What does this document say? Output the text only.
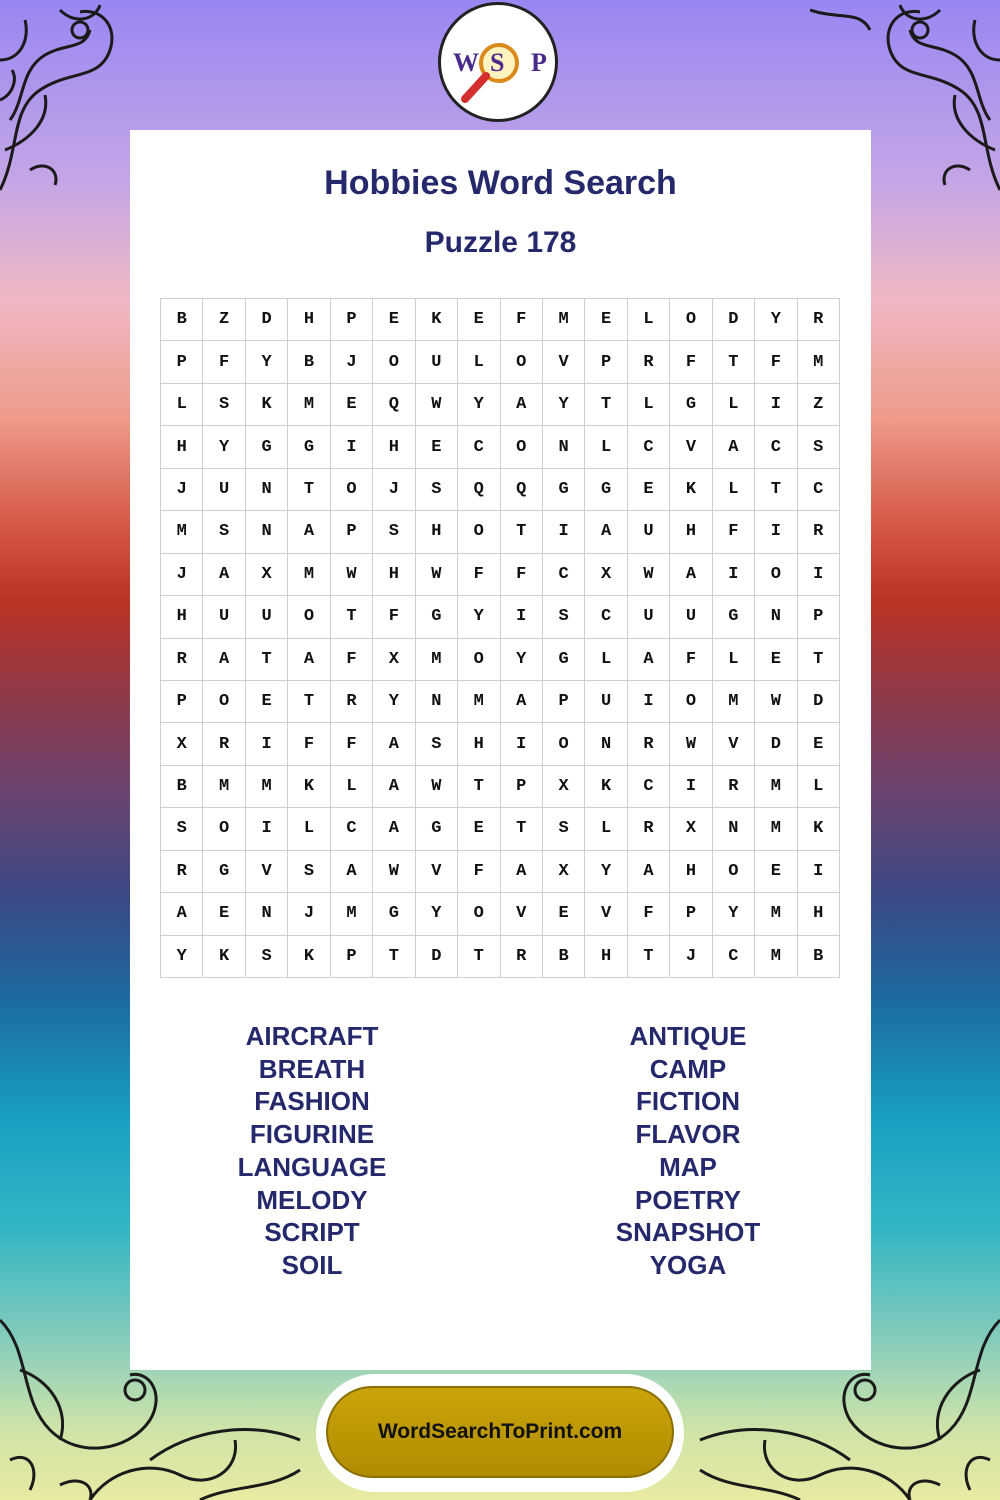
W S P
Hobbies Word Search
Puzzle 178
B	Z	D	H	P	E	K	E	F	M	E	L	O	D	Y	R
P	F	Y	B	J	O	U	L	O	V	P	R	F	T	F	M
L	S	K	M	E	Q	W	Y	A	Y	T	L	G	L	I	Z
H	Y	G	G	I	H	E	C	O	N	L	C	V	A	C	S
J	U	N	T	O	J	S	Q	Q	G	G	E	K	L	T	C
M	S	N	A	P	S	H	O	T	I	A	U	H	F	I	R
J	A	X	M	W	H	W	F	F	C	X	W	A	I	O	I
H	U	U	O	T	F	G	Y	I	S	C	U	U	G	N	P
R	A	T	A	F	X	M	O	Y	G	L	A	F	L	E	T
P	O	E	T	R	Y	N	M	A	P	U	I	O	M	W	D
X	R	I	F	F	A	S	H	I	O	N	R	W	V	D	E
B	M	M	K	L	A	W	T	P	X	K	C	I	R	M	L
S	O	I	L	C	A	G	E	T	S	L	R	X	N	M	K
R	G	V	S	A	W	V	F	A	X	Y	A	H	O	E	I
A	E	N	J	M	G	Y	O	V	E	V	F	P	Y	M	H
Y	K	S	K	P	T	D	T	R	B	H	T	J	C	M	B
AIRCRAFT
BREATH
FASHION
FIGURINE
LANGUAGE
MELODY
SCRIPT
SOIL
ANTIQUE
CAMP
FICTION
FLAVOR
MAP
POETRY
SNAPSHOT
YOGA
WordSearchToPrint.com
